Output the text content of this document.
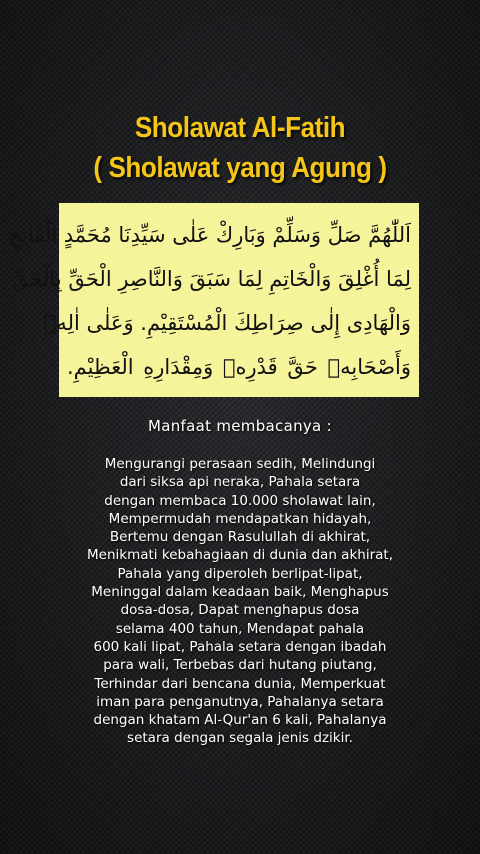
Sholawat Al-Fatih
( Sholawat yang Agung )
اَللّٰهُمَّ صَلِّ وَسَلِّمْ وَبَارِكْ عَلٰى سَيِّدِنَا مُحَمَّدٍ الْفَاتِحِ
لِمَا أُغْلِقَ وَالْخَاتِمِ لِمَا سَبَقَ وَالنَّاصِرِ الْحَقِّ بِالْحَقِّ
وَالْهَادِى إِلٰى صِرَاطِكَ الْمُسْتَقِيْمِ. وَعَلٰى اٰلِهٖ
وَأَصْحَابِهٖ حَقَّ قَدْرِهٖ وَمِقْدَارِهِ الْعَظِيْمِ.
Manfaat membacanya :
Mengurangi perasaan sedih, Melindungi
dari siksa api neraka, Pahala setara
dengan membaca 10.000 sholawat lain,
Mempermudah mendapatkan hidayah,
Bertemu dengan Rasulullah di akhirat,
Menikmati kebahagiaan di dunia dan akhirat,
Pahala yang diperoleh berlipat-lipat,
Meninggal dalam keadaan baik, Menghapus
dosa-dosa, Dapat menghapus dosa
selama 400 tahun, Mendapat pahala
600 kali lipat, Pahala setara dengan ibadah
para wali, Terbebas dari hutang piutang,
Terhindar dari bencana dunia, Memperkuat
iman para penganutnya, Pahalanya setara
dengan khatam Al-Qur'an 6 kali, Pahalanya
setara dengan segala jenis dzikir.
